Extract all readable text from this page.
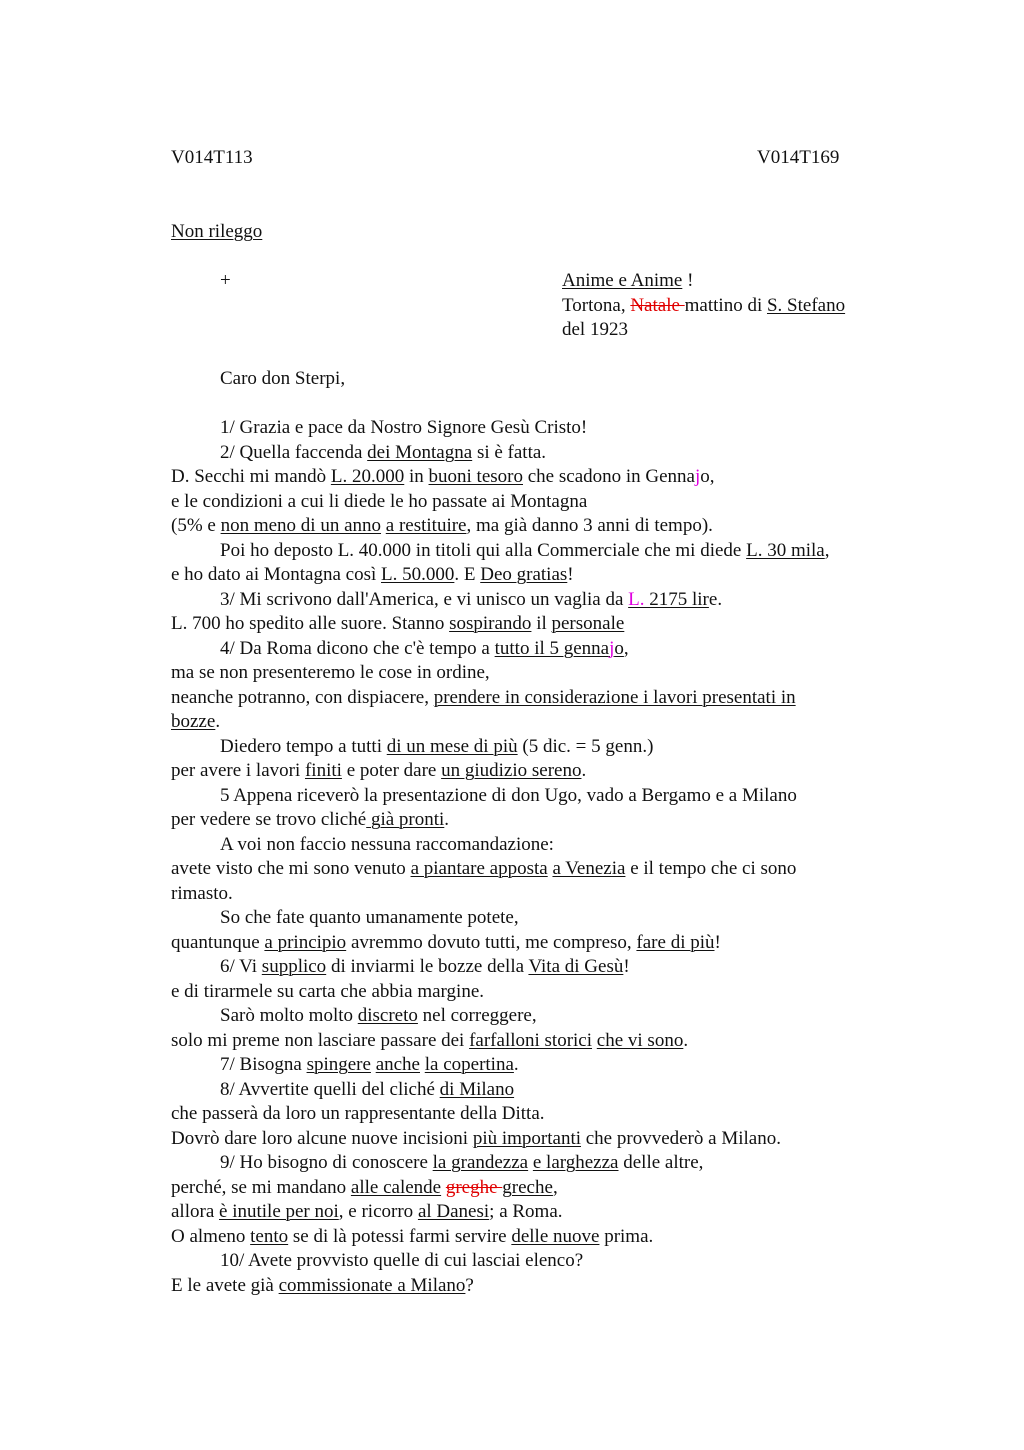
V014T113	V014T169
Non rileggo
+	Anime e Anime !
Tortona, Natale mattino di S. Stefano
del 1923
Caro don Sterpi,
1/ Grazia e pace da Nostro Signore Gesù Cristo!
2/ Quella faccenda dei Montagna si è fatta.
D. Secchi mi mandò L. 20.000 in buoni tesoro che scadono in Gennajo,
e le condizioni a cui li diede le ho passate ai Montagna
(5% e non meno di un anno a restituire, ma già danno 3 anni di tempo).
Poi ho deposto L. 40.000 in titoli qui alla Commerciale che mi diede L. 30 mila,
e ho dato ai Montagna così L. 50.000. E Deo gratias!
3/ Mi scrivono dall'America, e vi unisco un vaglia da L. 2175 lire.
L. 700 ho spedito alle suore. Stanno sospirando il personale
4/ Da Roma dicono che c'è tempo a tutto il 5 gennajo,
ma se non presenteremo le cose in ordine,
neanche potranno, con dispiacere, prendere in considerazione i lavori presentati in
bozze.
Diedero tempo a tutti di un mese di più (5 dic. = 5 genn.)
per avere i lavori finiti e poter dare un giudizio sereno.
5 Appena riceverò la presentazione di don Ugo, vado a Bergamo e a Milano
per vedere se trovo cliché già pronti.
A voi non faccio nessuna raccomandazione:
avete visto che mi sono venuto a piantare apposta a Venezia e il tempo che ci sono
rimasto.
So che fate quanto umanamente potete,
quantunque a principio avremmo dovuto tutti, me compreso, fare di più!
6/ Vi supplico di inviarmi le bozze della Vita di Gesù!
e di tirarmele su carta che abbia margine.
Sarò molto molto discreto nel correggere,
solo mi preme non lasciare passare dei farfalloni storici che vi sono.
7/ Bisogna spingere anche la copertina.
8/ Avvertite quelli del cliché di Milano
che passerà da loro un rappresentante della Ditta.
Dovrò dare loro alcune nuove incisioni più importanti che provvederò a Milano.
9/ Ho bisogno di conoscere la grandezza e larghezza delle altre,
perché, se mi mandano alle calende greghe greche,
allora è inutile per noi, e ricorro al Danesi; a Roma.
O almeno tento se di là potessi farmi servire delle nuove prima.
10/ Avete provvisto quelle di cui lasciai elenco?
E le avete già commissionate a Milano?
